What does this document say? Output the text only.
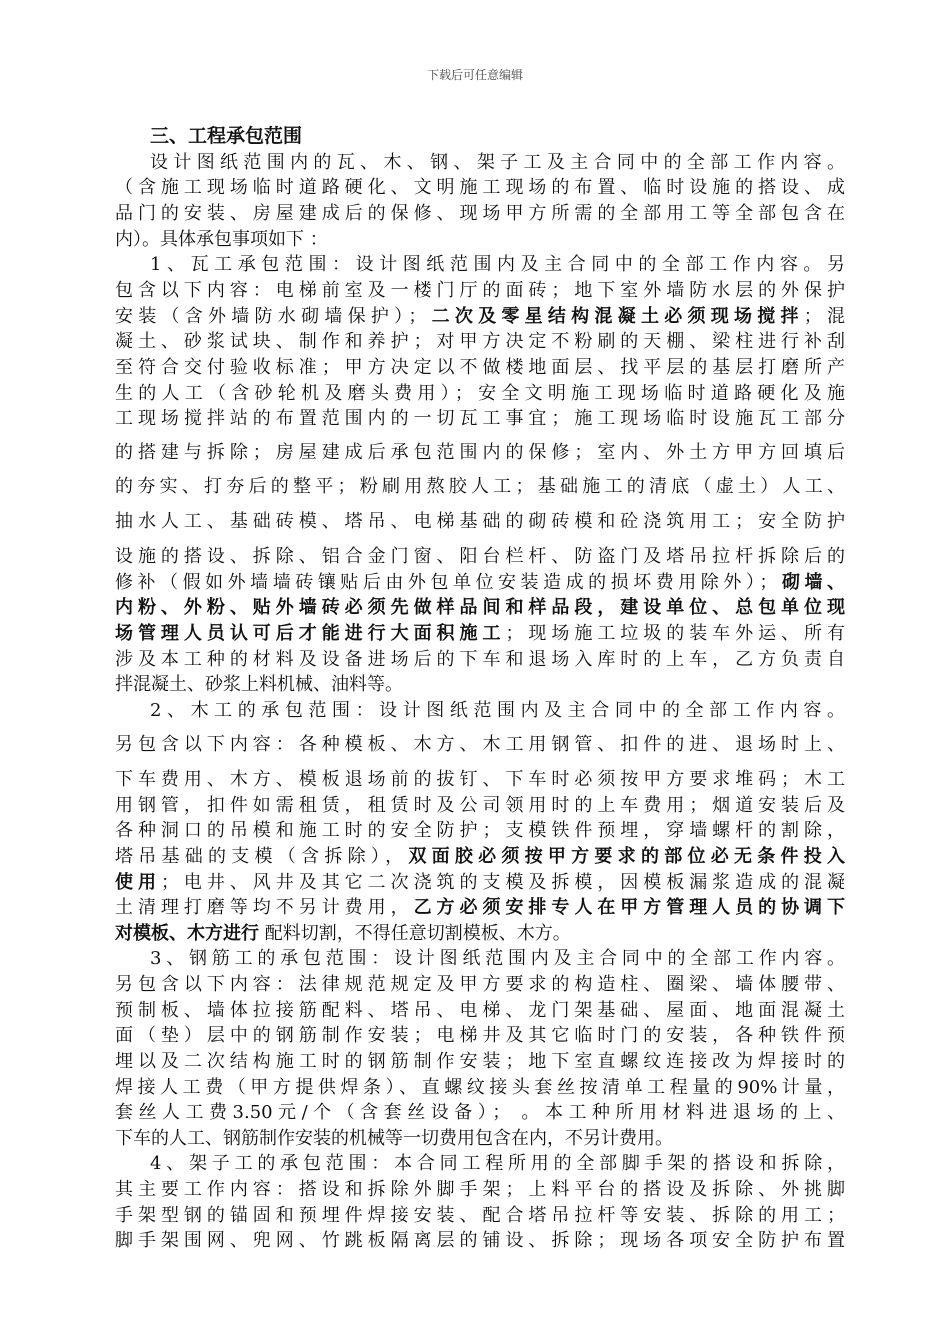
下载后可任意编辑
三、工程承包范围
设计图纸范围内的瓦、木、钢、架子工及主合同中的全部工作内容。
（含施工现场临时道路硬化、文明施工现场的布置、临时设施的搭设、成
品门的安装、房屋建成后的保修、现场甲方所需的全部用工等全部包含在
内）。具体承包事项如下 ：
1、瓦工承包范围：设计图纸范围内及主合同中的全部工作内容。另
包含以下内容：电梯前室及一楼门厅的面砖；地下室外墙防水层的外保护
安装（含外墙防水砌墙保护）；二次及零星结构混凝土必须现场搅拌；混
凝土、砂浆试块、制作和养护；对甲方决定不粉刷的天棚、梁柱进行补刮
至符合交付验收标准；甲方决定以不做楼地面层、找平层的基层打磨所产
生的人工（含砂轮机及磨头费用）；安全文明施工现场临时道路硬化及施
工现场搅拌站的布置范围内的一切瓦工事宜；施工现场临时设施瓦工部分
的搭建与拆除；房屋建成后承包范围内的保修；室内、外土方甲方回填后
的夯实、打夯后的整平；粉刷用熬胶人工；基础施工的清底（虚土）人工、
抽水人工、基础砖模、塔吊、电梯基础的砌砖模和砼浇筑用工；安全防护
设施的搭设、拆除、铝合金门窗、阳台栏杆、防盗门及塔吊拉杆拆除后的
修补（假如外墙墙砖镶贴后由外包单位安装造成的损坏费用除外）；砌墙、
内粉、外粉、贴外墙砖必须先做样品间和样品段，建设单位、总包单位现
场管理人员认可后才能进行大面积施工；现场施工垃圾的装车外运、所有
涉及本工种的材料及设备进场后的下车和退场入库时的上车，乙方负责自
拌混凝土、砂浆上料机械、油料等。
2、木工的承包范围：设计图纸范围内及主合同中的全部工作内容。
另包含以下内容：各种模板、木方、木工用钢管、扣件的进、退场时上、
下车费用、木方、模板退场前的拔钉、下车时必须按甲方要求堆码；木工
用钢管，扣件如需租赁，租赁时及公司领用时的上车费用；烟道安装后及
各种洞口的吊模和施工时的安全防护；支模铁件预埋，穿墙螺杆的割除，
塔吊基础的支模（含拆除），双面胶必须按甲方要求的部位必无条件投入
使用；电井、风井及其它二次浇筑的支模及拆模，因模板漏浆造成的混凝
土清理打磨等均不另计费用，乙方必须安排专人在甲方管理人员的协调下
对模板、木方进行 配料切割，不得任意切割模板、木方。
3、钢筋工的承包范围：设计图纸范围内及主合同中的全部工作内容。
另包含以下内容：法律规范规定及甲方要求的构造柱、圈梁、墙体腰带、
预制板、墙体拉接筋配料、塔吊、电梯、龙门架基础、屋面、地面混凝土
面（垫）层中的钢筋制作安装；电梯井及其它临时门的安装，各种铁件预
埋以及二次结构施工时的钢筋制作安装；地下室直螺纹连接改为焊接时的
焊接人工费（甲方提供焊条）、直螺纹接头套丝按清单工程量的90%计量，
套丝人工费3.50元/个（含套丝设备）； 。本工种所用材料进退场的上、
下车的人工、钢筋制作安装的机械等一切费用包含在内，不另计费用。
4、架子工的承包范围：本合同工程所用的全部脚手架的搭设和拆除，
其主要工作内容：搭设和拆除外脚手架；上料平台的搭设及拆除、外挑脚
手架型钢的锚固和预埋件焊接安装、配合塔吊拉杆等安装、拆除的用工；
脚手架围网、兜网、竹跳板隔离层的铺设、拆除；现场各项安全防护布置
